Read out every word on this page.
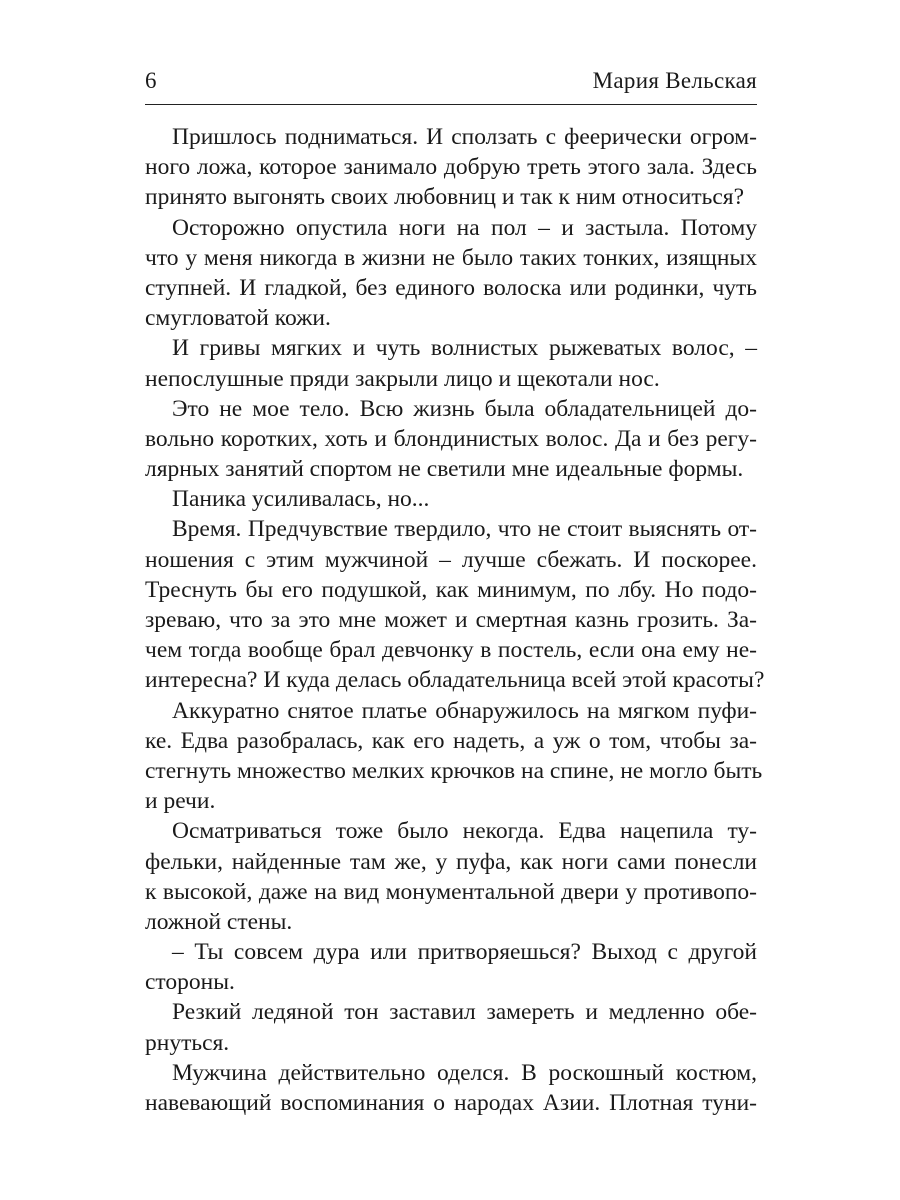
6	Мария Вельская
Пришлось подниматься. И сползать с феерически огром-
ного ложа, которое занимало добрую треть этого зала. Здесь
принято выгонять своих любовниц и так к ним относиться?
Осторожно опустила ноги на пол – и застыла. Потому
что у меня никогда в жизни не было таких тонких, изящных
ступней. И гладкой, без единого волоска или родинки, чуть
смугловатой кожи.
И гривы мягких и чуть волнистых рыжеватых волос, –
непослушные пряди закрыли лицо и щекотали нос.
Это не мое тело. Всю жизнь была обладательницей до-
вольно коротких, хоть и блондинистых волос. Да и без регу-
лярных занятий спортом не светили мне идеальные формы.
Паника усиливалась, но...
Время. Предчувствие твердило, что не стоит выяснять от-
ношения с этим мужчиной – лучше сбежать. И поскорее.
Треснуть бы его подушкой, как минимум, по лбу. Но подо-
зреваю, что за это мне может и смертная казнь грозить. За-
чем тогда вообще брал девчонку в постель, если она ему не-
интересна? И куда делась обладательница всей этой красоты?
Аккуратно снятое платье обнаружилось на мягком пуфи-
ке. Едва разобралась, как его надеть, а уж о том, чтобы за-
стегнуть множество мелких крючков на спине, не могло быть
и речи.
Осматриваться тоже было некогда. Едва нацепила ту-
фельки, найденные там же, у пуфа, как ноги сами понесли
к высокой, даже на вид монументальной двери у противопо-
ложной стены.
– Ты совсем дура или притворяешься? Выход с другой
стороны.
Резкий ледяной тон заставил замереть и медленно обе-
рнуться.
Мужчина действительно оделся. В роскошный костюм,
навевающий воспоминания о народах Азии. Плотная туни-
